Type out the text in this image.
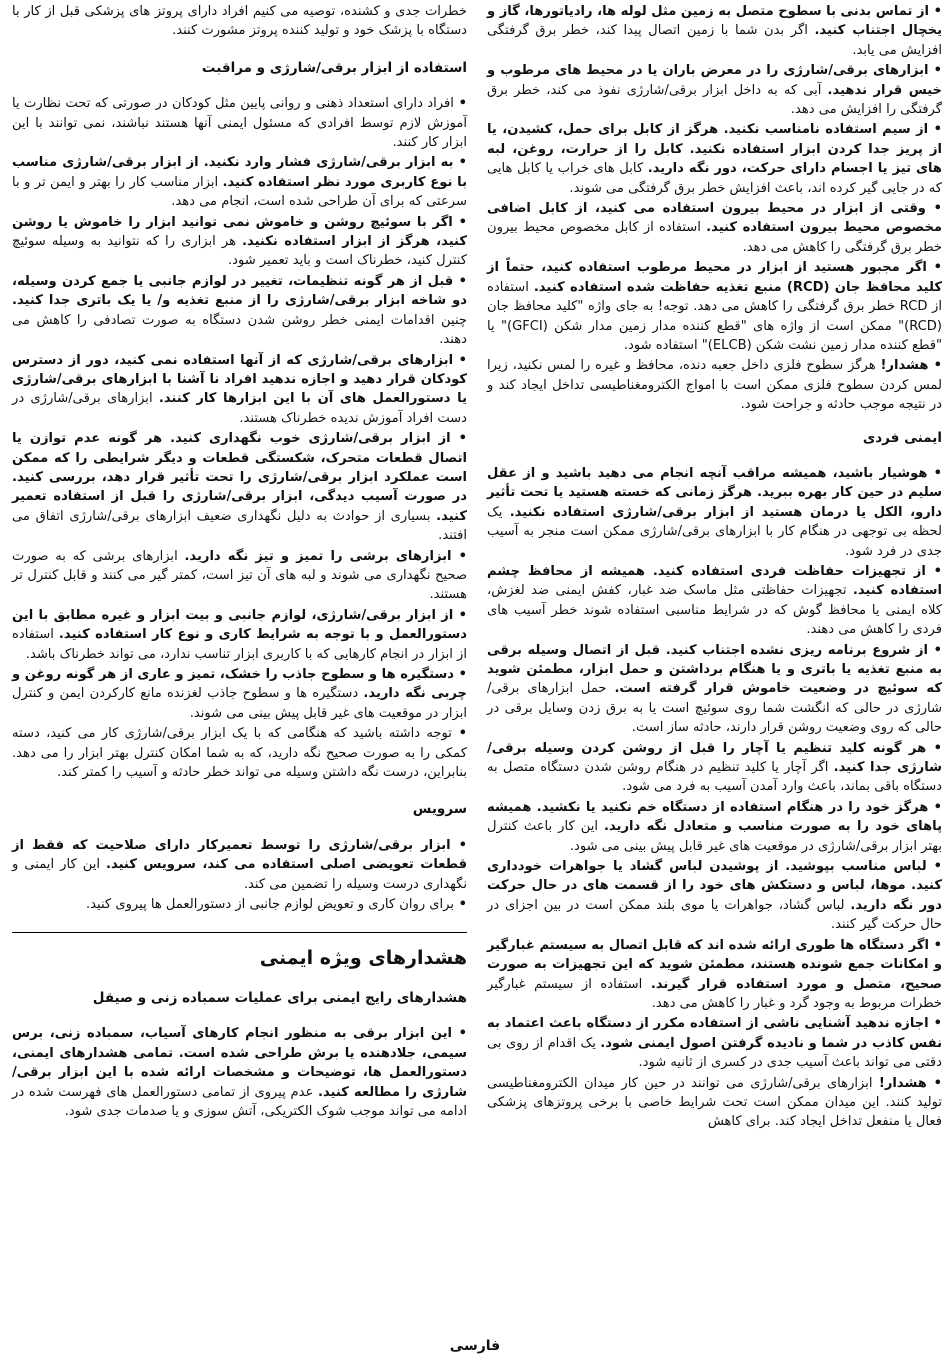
• از تماس بدنی با سطوح متصل به زمین مثل لوله ها، رادیاتورها، گاز و یخچال اجتناب کنید. اگر بدن شما با زمین اتصال پیدا کند، خطر برق گرفتگی افزایش می یابد.
• ابزارهای برقی/شارژی را در معرض باران یا در محیط های مرطوب و خیس قرار ندهید. آبی که به داخل ابزار برقی/شارژی نفوذ می کند، خطر برق گرفتگی را افزایش می دهد.
• از سیم استفاده نامناسب نکنید. هرگز از کابل برای حمل، کشیدن، یا از پریز جدا کردن ابزار استفاده نکنید. کابل را از حرارت، روغن، لبه های تیز یا اجسام دارای حرکت، دور نگه دارید. کابل های خراب یا کابل هایی که در جایی گیر کرده اند، باعث افزایش خطر برق گرفتگی می شوند.
• وقتی از ابزار در محیط بیرون استفاده می کنید، از کابل اضافی مخصوص محیط بیرون استفاده کنید. استفاده از کابل مخصوص محیط بیرون خطر برق گرفتگی را کاهش می دهد.
• اگر مجبور هستید از ابزار در محیط مرطوب استفاده کنید، حتماً از کلید محافظ جان (RCD) منبع تغذیه حفاظت شده استفاده کنید. استفاده از RCD خطر برق گرفتگی را کاهش می دهد. توجه! به جای واژه "کلید محافظ جان (RCD)" ممکن است از واژه های "قطع کننده مدار زمین مدار شکن (GFCI)" یا "قطع کننده مدار زمین نشت شکن (ELCB)" استفاده شود.
• هشدار! هرگز سطوح فلزی داخل جعبه دنده، محافظ و غیره را لمس نکنید، زیرا لمس کردن سطوح فلزی ممکن است با امواج الکترومغناطیسی تداخل ایجاد کند و در نتیجه موجب حادثه و جراحت شود.
ایمنی فردی
• هوشیار باشید، همیشه مراقب آنچه انجام می دهید باشید و از عقل سلیم در حین کار بهره ببرید. هرگز زمانی که خسته هستید یا تحت تأثیر دارو، الکل یا درمان هستید از ابزار برقی/شارژی استفاده نکنید. یک لحظه بی توجهی در هنگام کار با ابزارهای برقی/شارژی ممکن است منجر به آسیب جدی در فرد شود.
• از تجهیزات حفاظت فردی استفاده کنید. همیشه از محافظ چشم استفاده کنید. تجهیزات حفاظتی مثل ماسک ضد غبار، کفش ایمنی ضد لغزش، کلاه ایمنی یا محافظ گوش که در شرایط مناسبی استفاده شوند خطر آسیب های فردی را کاهش می دهند.
• از شروع برنامه ریزی نشده اجتناب کنید. قبل از اتصال وسیله برقی به منبع تغذیه یا باتری و یا هنگام برداشتن و حمل ابزار، مطمئن شوید که سوئیچ در وضعیت خاموش قرار گرفته است. حمل ابزارهای برقی/شارژی در حالی که انگشت شما روی سوئیچ است یا به برق زدن وسایل برقی در حالی که روی وضعیت روشن قرار دارند، حادثه ساز است.
• هر گونه کلید تنظیم یا آچار را قبل از روشن کردن وسیله برقی/شارژی جدا کنید. اگر آچار یا کلید تنظیم در هنگام روشن شدن دستگاه متصل به دستگاه باقی بماند، باعث وارد آمدن آسیب به فرد می شود.
• هرگز خود را در هنگام استفاده از دستگاه خم نکنید یا نکشید. همیشه پاهای خود را به صورت مناسب و متعادل نگه دارید. این کار باعث کنترل بهتر ابزار برقی/شارژی در موقعیت های غیر قابل پیش بینی می شود.
• لباس مناسب بپوشید. از پوشیدن لباس گشاد یا جواهرات خودداری کنید. موها، لباس و دستکش های خود را از قسمت های در حال حرکت دور نگه دارید. لباس گشاد، جواهرات یا موی بلند ممکن است در بین اجزای در حال حرکت گیر کنند.
• اگر دستگاه ها طوری ارائه شده اند که قابل اتصال به سیستم غبارگیر و امکانات جمع شونده هستند، مطمئن شوید که این تجهیزات به صورت صحیح، متصل و مورد استفاده قرار گیرند. استفاده از سیستم غبارگیر خطرات مربوط به وجود گرد و غبار را کاهش می دهد.
• اجازه ندهید آشنایی ناشی از استفاده مکرر از دستگاه باعث اعتماد به نفس کاذب در شما و نادیده گرفتن اصول ایمنی شود. یک اقدام از روی بی دقتی می تواند باعث آسیب جدی در کسری از ثانیه شود.
• هشدار! ابزارهای برقی/شارژی می توانند در حین کار میدان الکترومغناطیسی تولید کنند. این میدان ممکن است تحت شرایط خاصی با برخی پروتزهای پزشکی فعال یا منفعل تداخل ایجاد کند. برای کاهش
خطرات جدی و کشنده، توصیه می کنیم افراد دارای پروتز های پزشکی قبل از کار با دستگاه با پزشک خود و تولید کننده پروتز مشورت کنند.
استفاده از ابزار برقی/شارژی و مراقبت
• افراد دارای استعداد ذهنی و روانی پایین مثل کودکان در صورتی که تحت نظارت یا آموزش لازم توسط افرادی که مسئول ایمنی آنها هستند نباشند، نمی توانند با این ابزار کار کنند.
• به ابزار برقی/شارژی فشار وارد نکنید. از ابزار برقی/شارژی مناسب با نوع کاربری مورد نظر استفاده کنید. ابزار مناسب کار را بهتر و ایمن تر و با سرعتی که برای آن طراحی شده است، انجام می دهد.
• اگر با سوئیچ روشن و خاموش نمی توانید ابزار را خاموش یا روشن کنید، هرگز از ابزار استفاده نکنید. هر ابزاری را که نتوانید به وسیله سوئیچ کنترل کنید، خطرناک است و باید تعمیر شود.
• قبل از هر گونه تنظیمات، تغییر در لوازم جانبی یا جمع کردن وسیله، دو شاخه ابزار برقی/شارژی را از منبع تغذیه و/ یا یک باتری جدا کنید. چنین اقدامات ایمنی خطر روشن شدن دستگاه به صورت تصادفی را کاهش می دهند.
• ابزارهای برقی/شارژی که از آنها استفاده نمی کنید، دور از دسترس کودکان قرار دهید و اجازه ندهید افراد نا آشنا با ابزارهای برقی/شارژی یا دستورالعمل های آن با این ابزارها کار کنند. ابزارهای برقی/شارژی در دست افراد آموزش ندیده خطرناک هستند.
• از ابزار برقی/شارژی خوب نگهداری کنید. هر گونه عدم توازن یا اتصال قطعات متحرک، شکستگی قطعات و دیگر شرایطی را که ممکن است عملکرد ابزار برقی/شارژی را تحت تأثیر قرار دهد، بررسی کنید. در صورت آسیب دیدگی، ابزار برقی/شارژی را قبل از استفاده تعمیر کنید. بسیاری از حوادث به دلیل نگهداری ضعیف ابزارهای برقی/شارژی اتفاق می افتند.
• ابزارهای برشی را تمیز و تیز نگه دارید. ابزارهای برشی که به صورت صحیح نگهداری می شوند و لبه های آن تیز است، کمتر گیر می کنند و قابل کنترل تر هستند.
• از ابزار برقی/شارژی، لوازم جانبی و بیت ابزار و غیره مطابق با این دستورالعمل و با توجه به شرایط کاری و نوع کار استفاده کنید. استفاده از ابزار در انجام کارهایی که با کاربری ابزار تناسب ندارد، می تواند خطرناک باشد.
• دستگیره ها و سطوح جاذب را خشک، تمیز و عاری از هر گونه روغن و چربی نگه دارید. دستگیره ها و سطوح جاذب لغزنده مانع کارکردن ایمن و کنترل ابزار در موقعیت های غیر قابل پیش بینی می شوند.
• توجه داشته باشید که هنگامی که با یک ابزار برقی/شارژی کار می کنید، دسته کمکی را به صورت صحیح نگه دارید، که به شما امکان کنترل بهتر ابزار را می دهد. بنابراین، درست نگه داشتن وسیله می تواند خطر حادثه و آسیب را کمتر کند.
سرویس
• ابزار برقی/شارژی را توسط تعمیرکار دارای صلاحیت که فقط از قطعات تعویضی اصلی استفاده می کند، سرویس کنید. این کار ایمنی و نگهداری درست وسیله را تضمین می کند.
• برای روان کاری و تعویض لوازم جانبی از دستورالعمل ها پیروی کنید.
هشدارهای ویژه ایمنی
هشدارهای رایج ایمنی برای عملیات سمباده زنی و صیقل
• این ابزار برقی به منظور انجام کارهای آسیاب، سمباده زنی، برس سیمی، جلادهنده یا برش طراحی شده است. تمامی هشدارهای ایمنی، دستورالعمل ها، توضیحات و مشخصات ارائه شده با این ابزار برقی/ شارژی را مطالعه کنید. عدم پیروی از تمامی دستورالعمل های فهرست شده در ادامه می تواند موجب شوک الکتریکی، آتش سوزی و یا صدمات جدی شود.
فارسی
